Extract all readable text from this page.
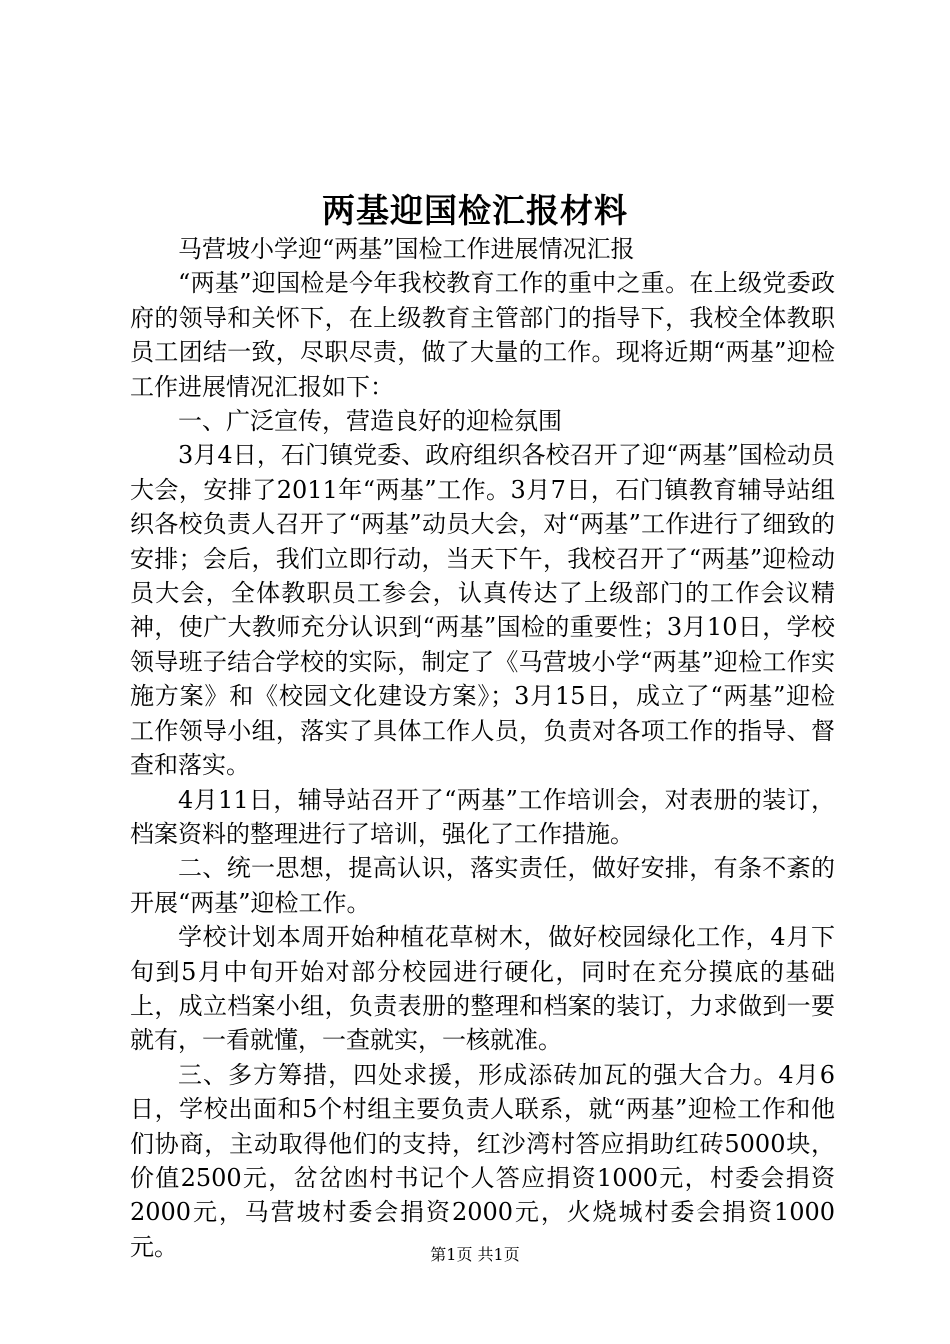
两基迎国检汇报材料

马营坡小学迎“两基”国检工作进展情况汇报

“两基”迎国检是今年我校教育工作的重中之重。在上级党委政府的领导和关怀下，在上级教育主管部门的指导下，我校全体教职员工团结一致，尽职尽责，做了大量的工作。现将近期“两基”迎检工作进展情况汇报如下：

一、广泛宣传，营造良好的迎检氛围

3月4日，石门镇党委、政府组织各校召开了迎“两基”国检动员大会，安排了2011年“两基”工作。3月7日，石门镇教育辅导站组织各校负责人召开了“两基”动员大会，对“两基”工作进行了细致的安排；会后，我们立即行动，当天下午，我校召开了“两基”迎检动员大会，全体教职员工参会，认真传达了上级部门的工作会议精神，使广大教师充分认识到“两基”国检的重要性；3月10日，学校领导班子结合学校的实际，制定了《马营坡小学“两基”迎检工作实施方案》和《校园文化建设方案》；3月15日，成立了“两基”迎检工作领导小组，落实了具体工作人员，负责对各项工作的指导、督查和落实。

4月11日，辅导站召开了“两基”工作培训会，对表册的装订，档案资料的整理进行了培训，强化了工作措施。

二、统一思想，提高认识，落实责任，做好安排，有条不紊的开展“两基”迎检工作。

学校计划本周开始种植花草树木，做好校园绿化工作，4月下旬到5月中旬开始对部分校园进行硬化，同时在充分摸底的基础上，成立档案小组，负责表册的整理和档案的装订，力求做到一要就有，一看就懂，一查就实，一核就准。

三、多方筹措，四处求援，形成添砖加瓦的强大合力。4月6日，学校出面和5个村组主要负责人联系，就“两基”迎检工作和他们协商，主动取得他们的支持，红沙湾村答应捐助红砖5000块，价值2500元，岔岔凼村书记个人答应捐资1000元，村委会捐资2000元，马营坡村委会捐资2000元，火烧城村委会捐资1000元。	第1页 共1页
